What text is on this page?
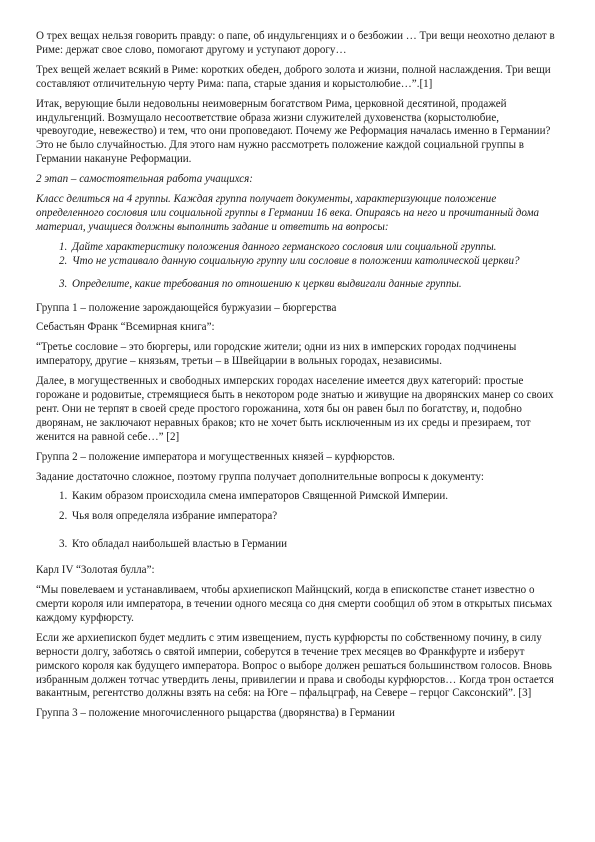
О трех вещах нельзя говорить правду: о папе, об индульгенциях и о безбожии … Три вещи неохотно делают в Риме: держат свое слово, помогают другому и уступают дорогу…

Трех вещей желает всякий в Риме: коротких обеден, доброго золота и жизни, полной наслаждения. Три вещи составляют отличительную черту Рима: папа, старые здания и корыстолюбие…”.[1]

Итак, верующие были недовольны неимоверным богатством Рима, церковной десятиной, продажей индульгенций. Возмущало несоответствие образа жизни служителей духовенства (корыстолюбие, чревоугодие, невежество) и тем, что они проповедают. Почему же Реформация началась именно в Германии? Это не было случайностью. Для этого нам нужно рассмотреть положение каждой социальной группы в Германии накануне Реформации.

2 этап – самостоятельная работа учащихся:

Класс делиться на 4 группы. Каждая группа получает документы, характеризующие положение определенного сословия или социальной группы в Германии 16 века. Опираясь на него и прочитанный дома материал, учащиеся должны выполнить задание и ответить на вопросы:

1. Дайте характеристику положения данного германского сословия или социальной группы.
2. Что не устаивало данную социальную группу или сословие в положении католической церкви?
3. Определите, какие требования по отношению к церкви выдвигали данные группы.

Группа 1 – положение зарождающейся буржуазии – бюргерства

Себастьян Франк “Всемирная книга”:

“Третье сословие – это бюргеры, или городские жители; одни из них в имперских городах подчинены императору, другие – князьям, третьи – в Швейцарии в вольных городах, независимы.

Далее, в могущественных и свободных имперских городах население имеется двух категорий: простые горожане и родовитые, стремящиеся быть в некотором роде знатью и живущие на дворянских манер со своих рент. Они не терпят в своей среде простого горожанина, хотя бы он равен был по богатству, и, подобно дворянам, не заключают неравных браков; кто не хочет быть исключенным из их среды и презираем, тот женится на равной себе…” [2]

Группа 2 – положение императора и могущественных князей – курфюрстов.

Задание достаточно сложное, поэтому группа получает дополнительные вопросы к документу:

1. Каким образом происходила смена императоров Священной Римской Империи.
2. Чья воля определяла избрание императора?
3. Кто обладал наибольшей властью в Германии

Карл IV “Золотая булла”:

“Мы повелеваем и устанавливаем, чтобы архиепископ Майнцский, когда в епископстве станет известно о смерти короля или императора, в течении одного месяца со дня смерти сообщил об этом в открытых письмах каждому курфюрсту.

Если же архиепископ будет медлить с этим извещением, пусть курфюрсты по собственному почину, в силу верности долгу, заботясь о святой империи, соберутся в течение трех месяцев во Франкфурте и изберут римского короля как будущего императора. Вопрос о выборе должен решаться большинством голосов. Вновь избранным должен тотчас утвердить лены, привилегии и права и свободы курфюрстов… Когда трон остается вакантным, регентство должны взять на себя: на Юге – пфальцграф, на Севере – герцог Саксонский”. [3]

Группа 3 – положение многочисленного рыцарства (дворянства) в Германии
